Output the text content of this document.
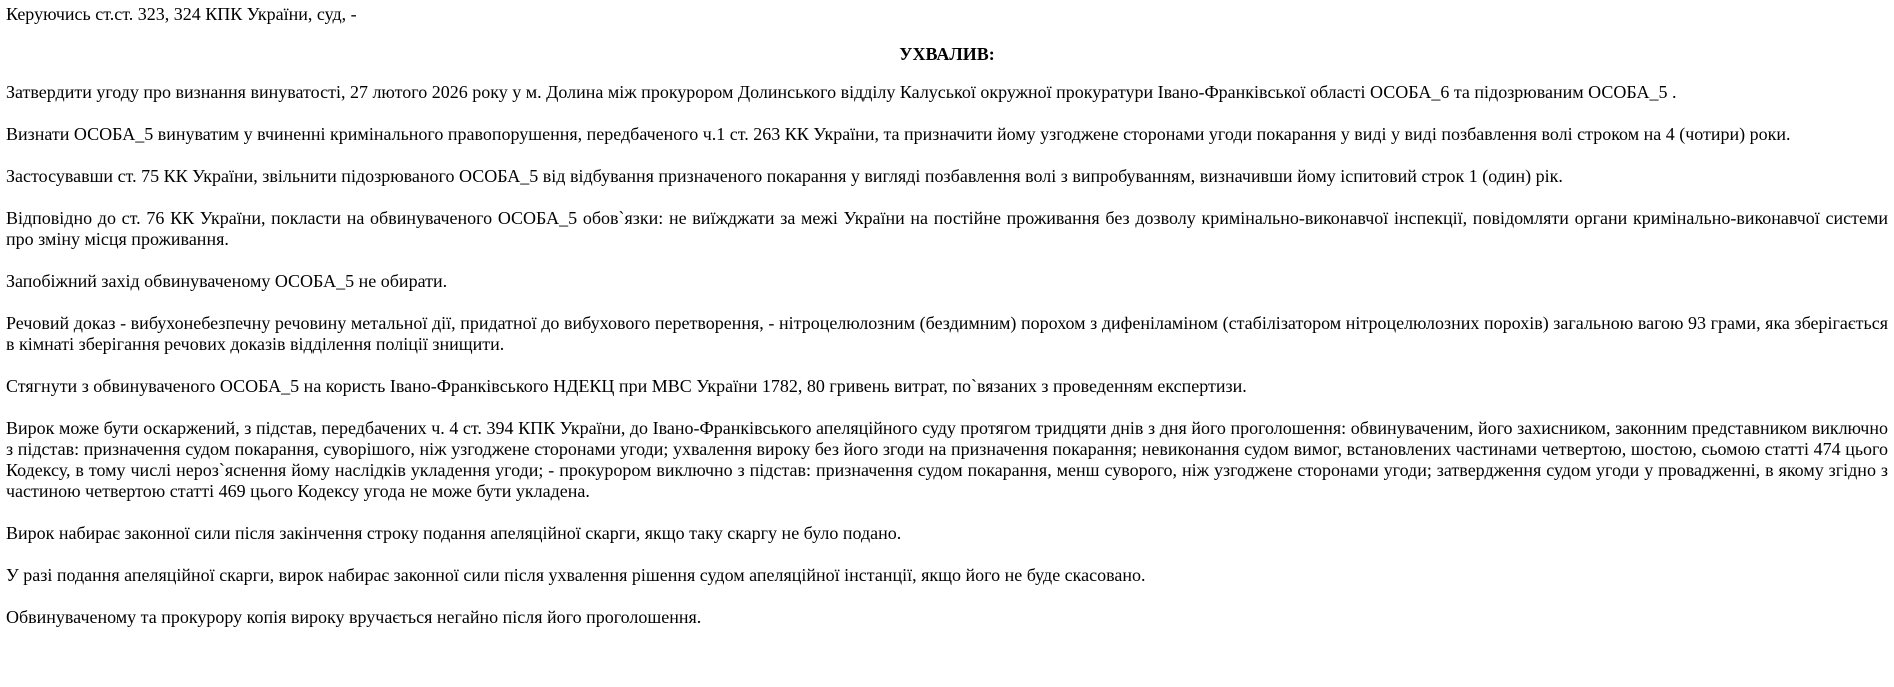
Керуючись ст.ст. 323, 324 КПК України, суд, -

УХВАЛИВ:

Затвердити угоду про визнання винуватості, 27 лютого 2026 року у м. Долина між прокурором Долинського відділу Калуської окружної прокуратури Івано-Франківської області ОСОБА_6 та підозрюваним ОСОБА_5 .

Визнати ОСОБА_5 винуватим у вчиненні кримінального правопорушення, передбаченого ч.1 ст. 263 КК України, та призначити йому узгоджене сторонами угоди покарання у виді у виді позбавлення волі строком на 4 (чотири) роки.

Застосувавши ст. 75 КК України, звільнити підозрюваного ОСОБА_5 від відбування призначеного покарання у вигляді позбавлення волі з випробуванням, визначивши йому іспитовий строк 1 (один) рік.

Відповідно до ст. 76 КК України, покласти на обвинуваченого ОСОБА_5 обов`язки: не виїжджати за межі України на постійне проживання без дозволу кримінально-виконавчої інспекції, повідомляти органи кримінально-виконавчої системи про зміну місця проживання.

Запобіжний захід обвинуваченому ОСОБА_5 не обирати.

Речовий доказ - вибухонебезпечну речовину метальної дії, придатної до вибухового перетворення, - нітроцелюлозним (бездимним) порохом з дифеніламіном (стабілізатором нітроцелюлозних порохів) загальною вагою 93 грами, яка зберігається в кімнаті зберігання речових доказів відділення поліції знищити.

Стягнути з обвинуваченого ОСОБА_5 на користь Івано-Франківського НДЕКЦ при МВС України 1782, 80 гривень витрат, по`вязаних з проведенням експертизи.

Вирок може бути оскаржений, з підстав, передбачених ч. 4 ст. 394 КПК України, до Івано-Франківського апеляційного суду протягом тридцяти днів з дня його проголошення: обвинуваченим, його захисником, законним представником виключно з підстав: призначення судом покарання, суворішого, ніж узгоджене сторонами угоди; ухвалення вироку без його згоди на призначення покарання; невиконання судом вимог, встановлених частинами четвертою, шостою, сьомою статті 474 цього Кодексу, в тому числі нероз`яснення йому наслідків укладення угоди; - прокурором виключно з підстав: призначення судом покарання, менш суворого, ніж узгоджене сторонами угоди; затвердження судом угоди у провадженні, в якому згідно з частиною четвертою статті 469 цього Кодексу угода не може бути укладена.

Вирок набирає законної сили після закінчення строку подання апеляційної скарги, якщо таку скаргу не було подано.

У разі подання апеляційної скарги, вирок набирає законної сили після ухвалення рішення судом апеляційної інстанції, якщо його не буде скасовано.

Обвинуваченому та прокурору копія вироку вручається негайно після його проголошення.
